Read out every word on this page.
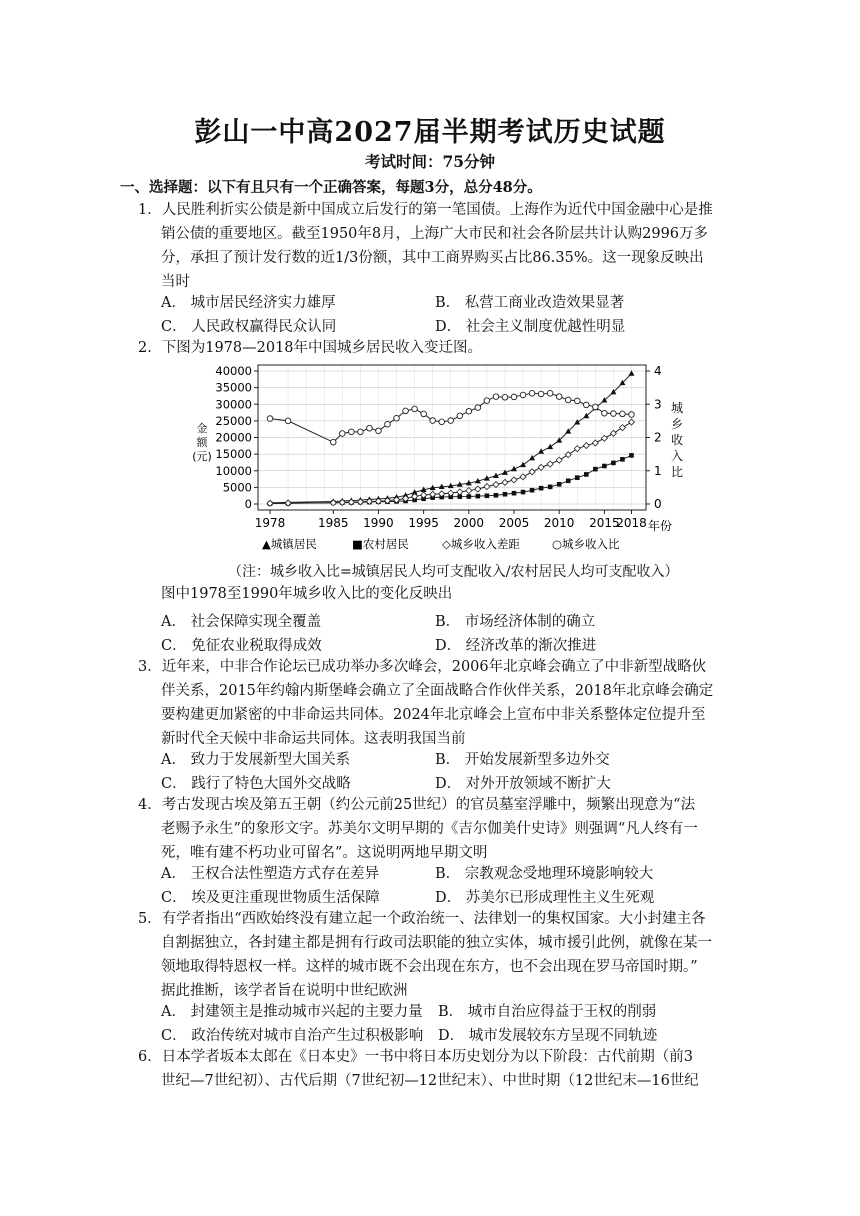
彭山一中高2027届半期考试历史试题
考试时间：75分钟
一、选择题：以下有且只有一个正确答案，每题3分，总分48分。
1．人民胜利折实公债是新中国成立后发行的第一笔国债。上海作为近代中国金融中心是推
销公债的重要地区。截至1950年8月，上海广大市民和社会各阶层共计认购2996万多
分，承担了预计发行数的近1/3份额，其中工商界购买占比86.35%。这一现象反映出
当时
A． 城市居民经济实力雄厚	B． 私营工商业改造效果显著
C． 人民政权赢得民众认同	D． 社会主义制度优越性明显
2．下图为1978—2018年中国城乡居民收入变迁图。
0
5000
10000
15000
20000
25000
30000
35000
40000
0
1
2
3
4
1978	1985 1990 1995 2000 2005 2010 2015
2018
金
额
(元)
城
乡
收
入
比
年份
▲城镇居民	■农村居民	◇城乡收入差距	○城乡收入比
（注：城乡收入比=城镇居民人均可支配收入/农村居民人均可支配收入）
图中1978至1990年城乡收入比的变化反映出
A． 社会保障实现全覆盖	B． 市场经济体制的确立
C． 免征农业税取得成效	D． 经济改革的渐次推进
3．近年来，中非合作论坛已成功举办多次峰会，2006年北京峰会确立了中非新型战略伙
伴关系，2015年约翰内斯堡峰会确立了全面战略合作伙伴关系，2018年北京峰会确定
要构建更加紧密的中非命运共同体。2024年北京峰会上宣布中非关系整体定位提升至
新时代全天候中非命运共同体。这表明我国当前
A． 致力于发展新型大国关系	B． 开始发展新型多边外交
C． 践行了特色大国外交战略	D． 对外开放领域不断扩大
4．考古发现古埃及第五王朝（约公元前25世纪）的官员墓室浮雕中，频繁出现意为“法
老赐予永生”的象形文字。苏美尔文明早期的《吉尔伽美什史诗》则强调“凡人终有一
死，唯有建不朽功业可留名”。这说明两地早期文明
A． 王权合法性塑造方式存在差异	B． 宗教观念受地理环境影响较大
C． 埃及更注重现世物质生活保障	D． 苏美尔已形成理性主义生死观
5．有学者指出“西欧始终没有建立起一个政治统一、法律划一的集权国家。大小封建主各
自割据独立，各封建主都是拥有行政司法职能的独立实体，城市援引此例，就像在某一
领地取得特恩权一样。这样的城市既不会出现在东方，也不会出现在罗马帝国时期。”
据此推断，该学者旨在说明中世纪欧洲
A． 封建领主是推动城市兴起的主要力量 B． 城市自治应得益于王权的削弱
C． 政治传统对城市自治产生过积极影响 D． 城市发展较东方呈现不同轨迹
6．日本学者坂本太郎在《日本史》一书中将日本历史划分为以下阶段：古代前期（前3
世纪—7世纪初）、古代后期（7世纪初—12世纪末）、中世时期（12世纪末—16世纪
